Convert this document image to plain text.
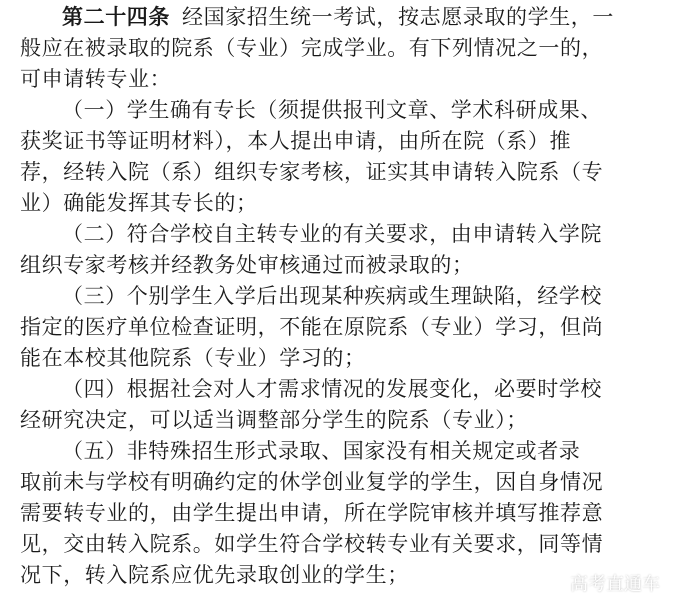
第二十四条 经国家招生统一考试，按志愿录取的学生，一
般应在被录取的院系（专业）完成学业。有下列情况之一的，
可申请转专业：
（一）学生确有专长（须提供报刊文章、学术科研成果、
获奖证书等证明材料），本人提出申请，由所在院（系）推
荐，经转入院（系）组织专家考核，证实其申请转入院系（专
业）确能发挥其专长的；
（二）符合学校自主转专业的有关要求，由申请转入学院
组织专家考核并经教务处审核通过而被录取的；
（三）个别学生入学后出现某种疾病或生理缺陷，经学校
指定的医疗单位检查证明，不能在原院系（专业）学习，但尚
能在本校其他院系（专业）学习的；
（四）根据社会对人才需求情况的发展变化，必要时学校
经研究决定，可以适当调整部分学生的院系（专业）；
（五）非特殊招生形式录取、国家没有相关规定或者录
取前未与学校有明确约定的休学创业复学的学生，因自身情况
需要转专业的，由学生提出申请，所在学院审核并填写推荐意
见，交由转入院系。如学生符合学校转专业有关要求，同等情
况下，转入院系应优先录取创业的学生；	高考直通车
